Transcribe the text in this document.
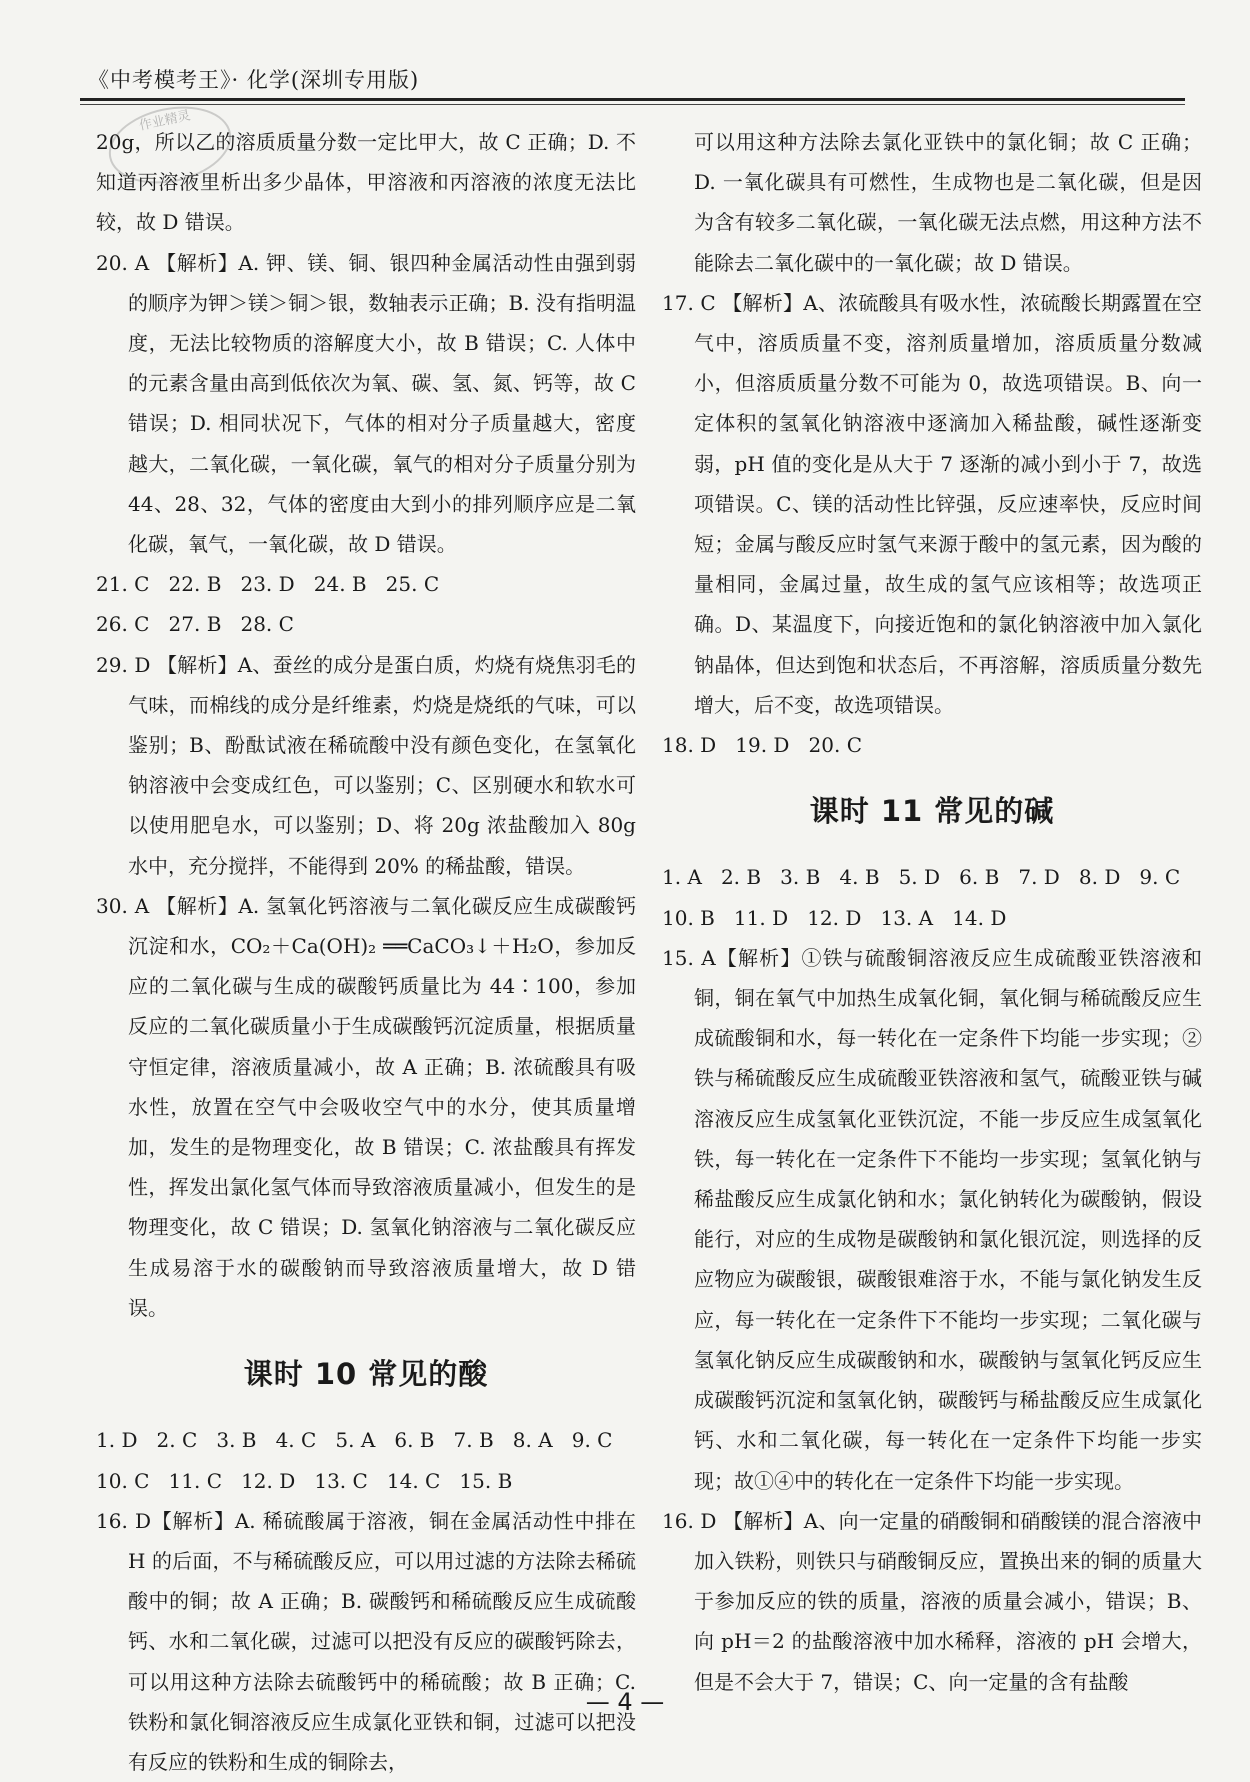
《中考模考王》· 化学(深圳专用版)
作业精灵

20g，所以乙的溶质质量分数一定比甲大，故 C 正确；D. 不知道丙溶液里析出多少晶体，甲溶液和丙溶液的浓度无法比较，故 D 错误。

20. A 【解析】A. 钾、镁、铜、银四种金属活动性由强到弱的顺序为钾＞镁＞铜＞银，数轴表示正确；B. 没有指明温度，无法比较物质的溶解度大小，故 B 错误；C. 人体中的元素含量由高到低依次为氧、碳、氢、氮、钙等，故 C 错误；D. 相同状况下，气体的相对分子质量越大，密度越大，二氧化碳，一氧化碳，氧气的相对分子质量分别为 44、28、32，气体的密度由大到小的排列顺序应是二氧化碳，氧气，一氧化碳，故 D 错误。

21. C   22. B   23. D   24. B   25. C

26. C   27. B   28. C

29. D 【解析】A、蚕丝的成分是蛋白质，灼烧有烧焦羽毛的气味，而棉线的成分是纤维素，灼烧是烧纸的气味，可以鉴别；B、酚酞试液在稀硫酸中没有颜色变化，在氢氧化钠溶液中会变成红色，可以鉴别；C、区别硬水和软水可以使用肥皂水，可以鉴别；D、将 20g 浓盐酸加入 80g 水中，充分搅拌，不能得到 20% 的稀盐酸，错误。

30. A 【解析】A. 氢氧化钙溶液与二氧化碳反应生成碳酸钙沉淀和水，CO₂＋Ca(OH)₂ ══CaCO₃↓＋H₂O，参加反应的二氧化碳与生成的碳酸钙质量比为 44∶100，参加反应的二氧化碳质量小于生成碳酸钙沉淀质量，根据质量守恒定律，溶液质量减小，故 A 正确；B. 浓硫酸具有吸水性，放置在空气中会吸收空气中的水分，使其质量增加，发生的是物理变化，故 B 错误；C. 浓盐酸具有挥发性，挥发出氯化氢气体而导致溶液质量减小，但发生的是物理变化，故 C 错误；D. 氢氧化钠溶液与二氧化碳反应生成易溶于水的碳酸钠而导致溶液质量增大，故 D 错误。

课时 10 常见的酸

1. D   2. C   3. B   4. C   5. A   6. B   7. B   8. A   9. C

10. C   11. C   12. D   13. C   14. C   15. B

16. D【解析】A. 稀硫酸属于溶液，铜在金属活动性中排在 H 的后面，不与稀硫酸反应，可以用过滤的方法除去稀硫酸中的铜；故 A 正确；B. 碳酸钙和稀硫酸反应生成硫酸钙、水和二氧化碳，过滤可以把没有反应的碳酸钙除去，可以用这种方法除去硫酸钙中的稀硫酸；故 B 正确；C. 铁粉和氯化铜溶液反应生成氯化亚铁和铜，过滤可以把没有反应的铁粉和生成的铜除去，

可以用这种方法除去氯化亚铁中的氯化铜；故 C 正确；D. 一氧化碳具有可燃性，生成物也是二氧化碳，但是因为含有较多二氧化碳，一氧化碳无法点燃，用这种方法不能除去二氧化碳中的一氧化碳；故 D 错误。

17. C 【解析】A、浓硫酸具有吸水性，浓硫酸长期露置在空气中，溶质质量不变，溶剂质量增加，溶质质量分数减小，但溶质质量分数不可能为 0，故选项错误。B、向一定体积的氢氧化钠溶液中逐滴加入稀盐酸，碱性逐渐变弱，pH 值的变化是从大于 7 逐渐的减小到小于 7，故选项错误。C、镁的活动性比锌强，反应速率快，反应时间短；金属与酸反应时氢气来源于酸中的氢元素，因为酸的量相同，金属过量，故生成的氢气应该相等；故选项正确。D、某温度下，向接近饱和的氯化钠溶液中加入氯化钠晶体，但达到饱和状态后，不再溶解，溶质质量分数先增大，后不变，故选项错误。

18. D   19. D   20. C

课时 11 常见的碱

1. A   2. B   3. B   4. B   5. D   6. B   7. D   8. D   9. C

10. B   11. D   12. D   13. A   14. D

15. A【解析】①铁与硫酸铜溶液反应生成硫酸亚铁溶液和铜，铜在氧气中加热生成氧化铜，氧化铜与稀硫酸反应生成硫酸铜和水，每一转化在一定条件下均能一步实现；②铁与稀硫酸反应生成硫酸亚铁溶液和氢气，硫酸亚铁与碱溶液反应生成氢氧化亚铁沉淀，不能一步反应生成氢氧化铁，每一转化在一定条件下不能均一步实现；氢氧化钠与稀盐酸反应生成氯化钠和水；氯化钠转化为碳酸钠，假设能行，对应的生成物是碳酸钠和氯化银沉淀，则选择的反应物应为碳酸银，碳酸银难溶于水，不能与氯化钠发生反应，每一转化在一定条件下不能均一步实现；二氧化碳与氢氧化钠反应生成碳酸钠和水，碳酸钠与氢氧化钙反应生成碳酸钙沉淀和氢氧化钠，碳酸钙与稀盐酸反应生成氯化钙、水和二氧化碳，每一转化在一定条件下均能一步实现；故①④中的转化在一定条件下均能一步实现。

16. D 【解析】A、向一定量的硝酸铜和硝酸镁的混合溶液中加入铁粉，则铁只与硝酸铜反应，置换出来的铜的质量大于参加反应的铁的质量，溶液的质量会减小，错误；B、向 pH＝2 的盐酸溶液中加水稀释，溶液的 pH 会增大，但是不会大于 7，错误；C、向一定量的含有盐酸

— 4 —
